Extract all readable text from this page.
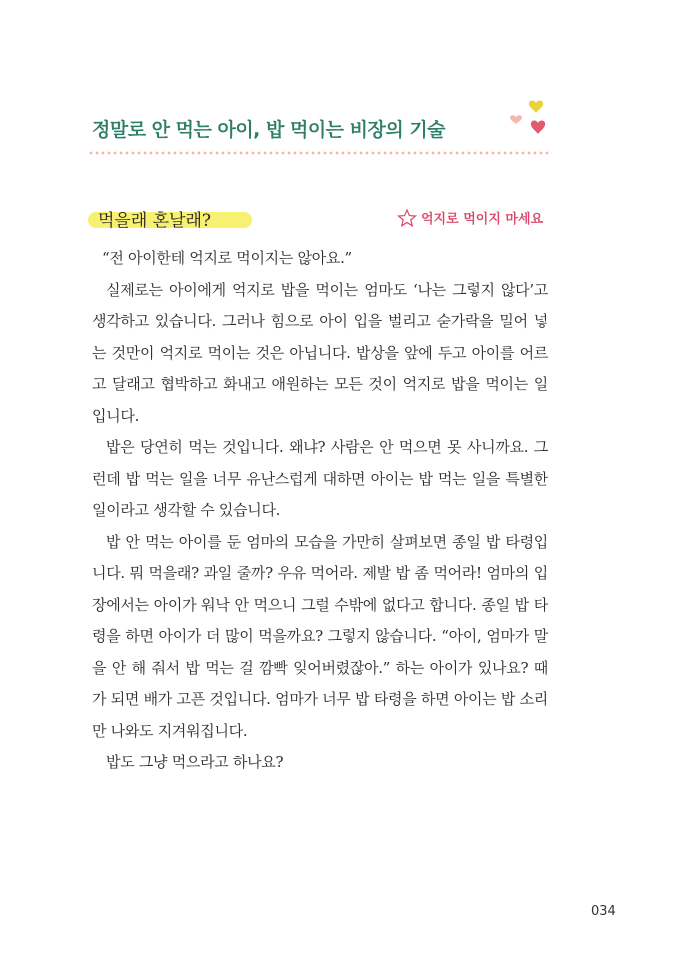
정말로 안 먹는 아이, 밥 먹이는 비장의 기술
먹을래 혼날래?	억지로 먹이지 마세요

“전 아이한테 억지로 먹이지는 않아요.”

실제로는 아이에게 억지로 밥을 먹이는 엄마도 ‘나는 그렇지 않다’고 생각하고 있습니다. 그러나 힘으로 아이 입을 벌리고 숟가락을 밀어 넣는 것만이 억지로 먹이는 것은 아닙니다. 밥상을 앞에 두고 아이를 어르고 달래고 협박하고 화내고 애원하는 모든 것이 억지로 밥을 먹이는 일입니다.

밥은 당연히 먹는 것입니다. 왜냐? 사람은 안 먹으면 못 사니까요. 그런데 밥 먹는 일을 너무 유난스럽게 대하면 아이는 밥 먹는 일을 특별한 일이라고 생각할 수 있습니다.

밥 안 먹는 아이를 둔 엄마의 모습을 가만히 살펴보면 종일 밥 타령입니다. 뭐 먹을래? 과일 줄까? 우유 먹어라. 제발 밥 좀 먹어라! 엄마의 입장에서는 아이가 워낙 안 먹으니 그럴 수밖에 없다고 합니다. 종일 밥 타령을 하면 아이가 더 많이 먹을까요? 그렇지 않습니다. “아이, 엄마가 말을 안 해 줘서 밥 먹는 걸 깜빡 잊어버렸잖아.” 하는 아이가 있나요? 때가 되면 배가 고픈 것입니다. 엄마가 너무 밥 타령을 하면 아이는 밥 소리만 나와도 지겨워집니다.

밥도 그냥 먹으라고 하나요?

034
